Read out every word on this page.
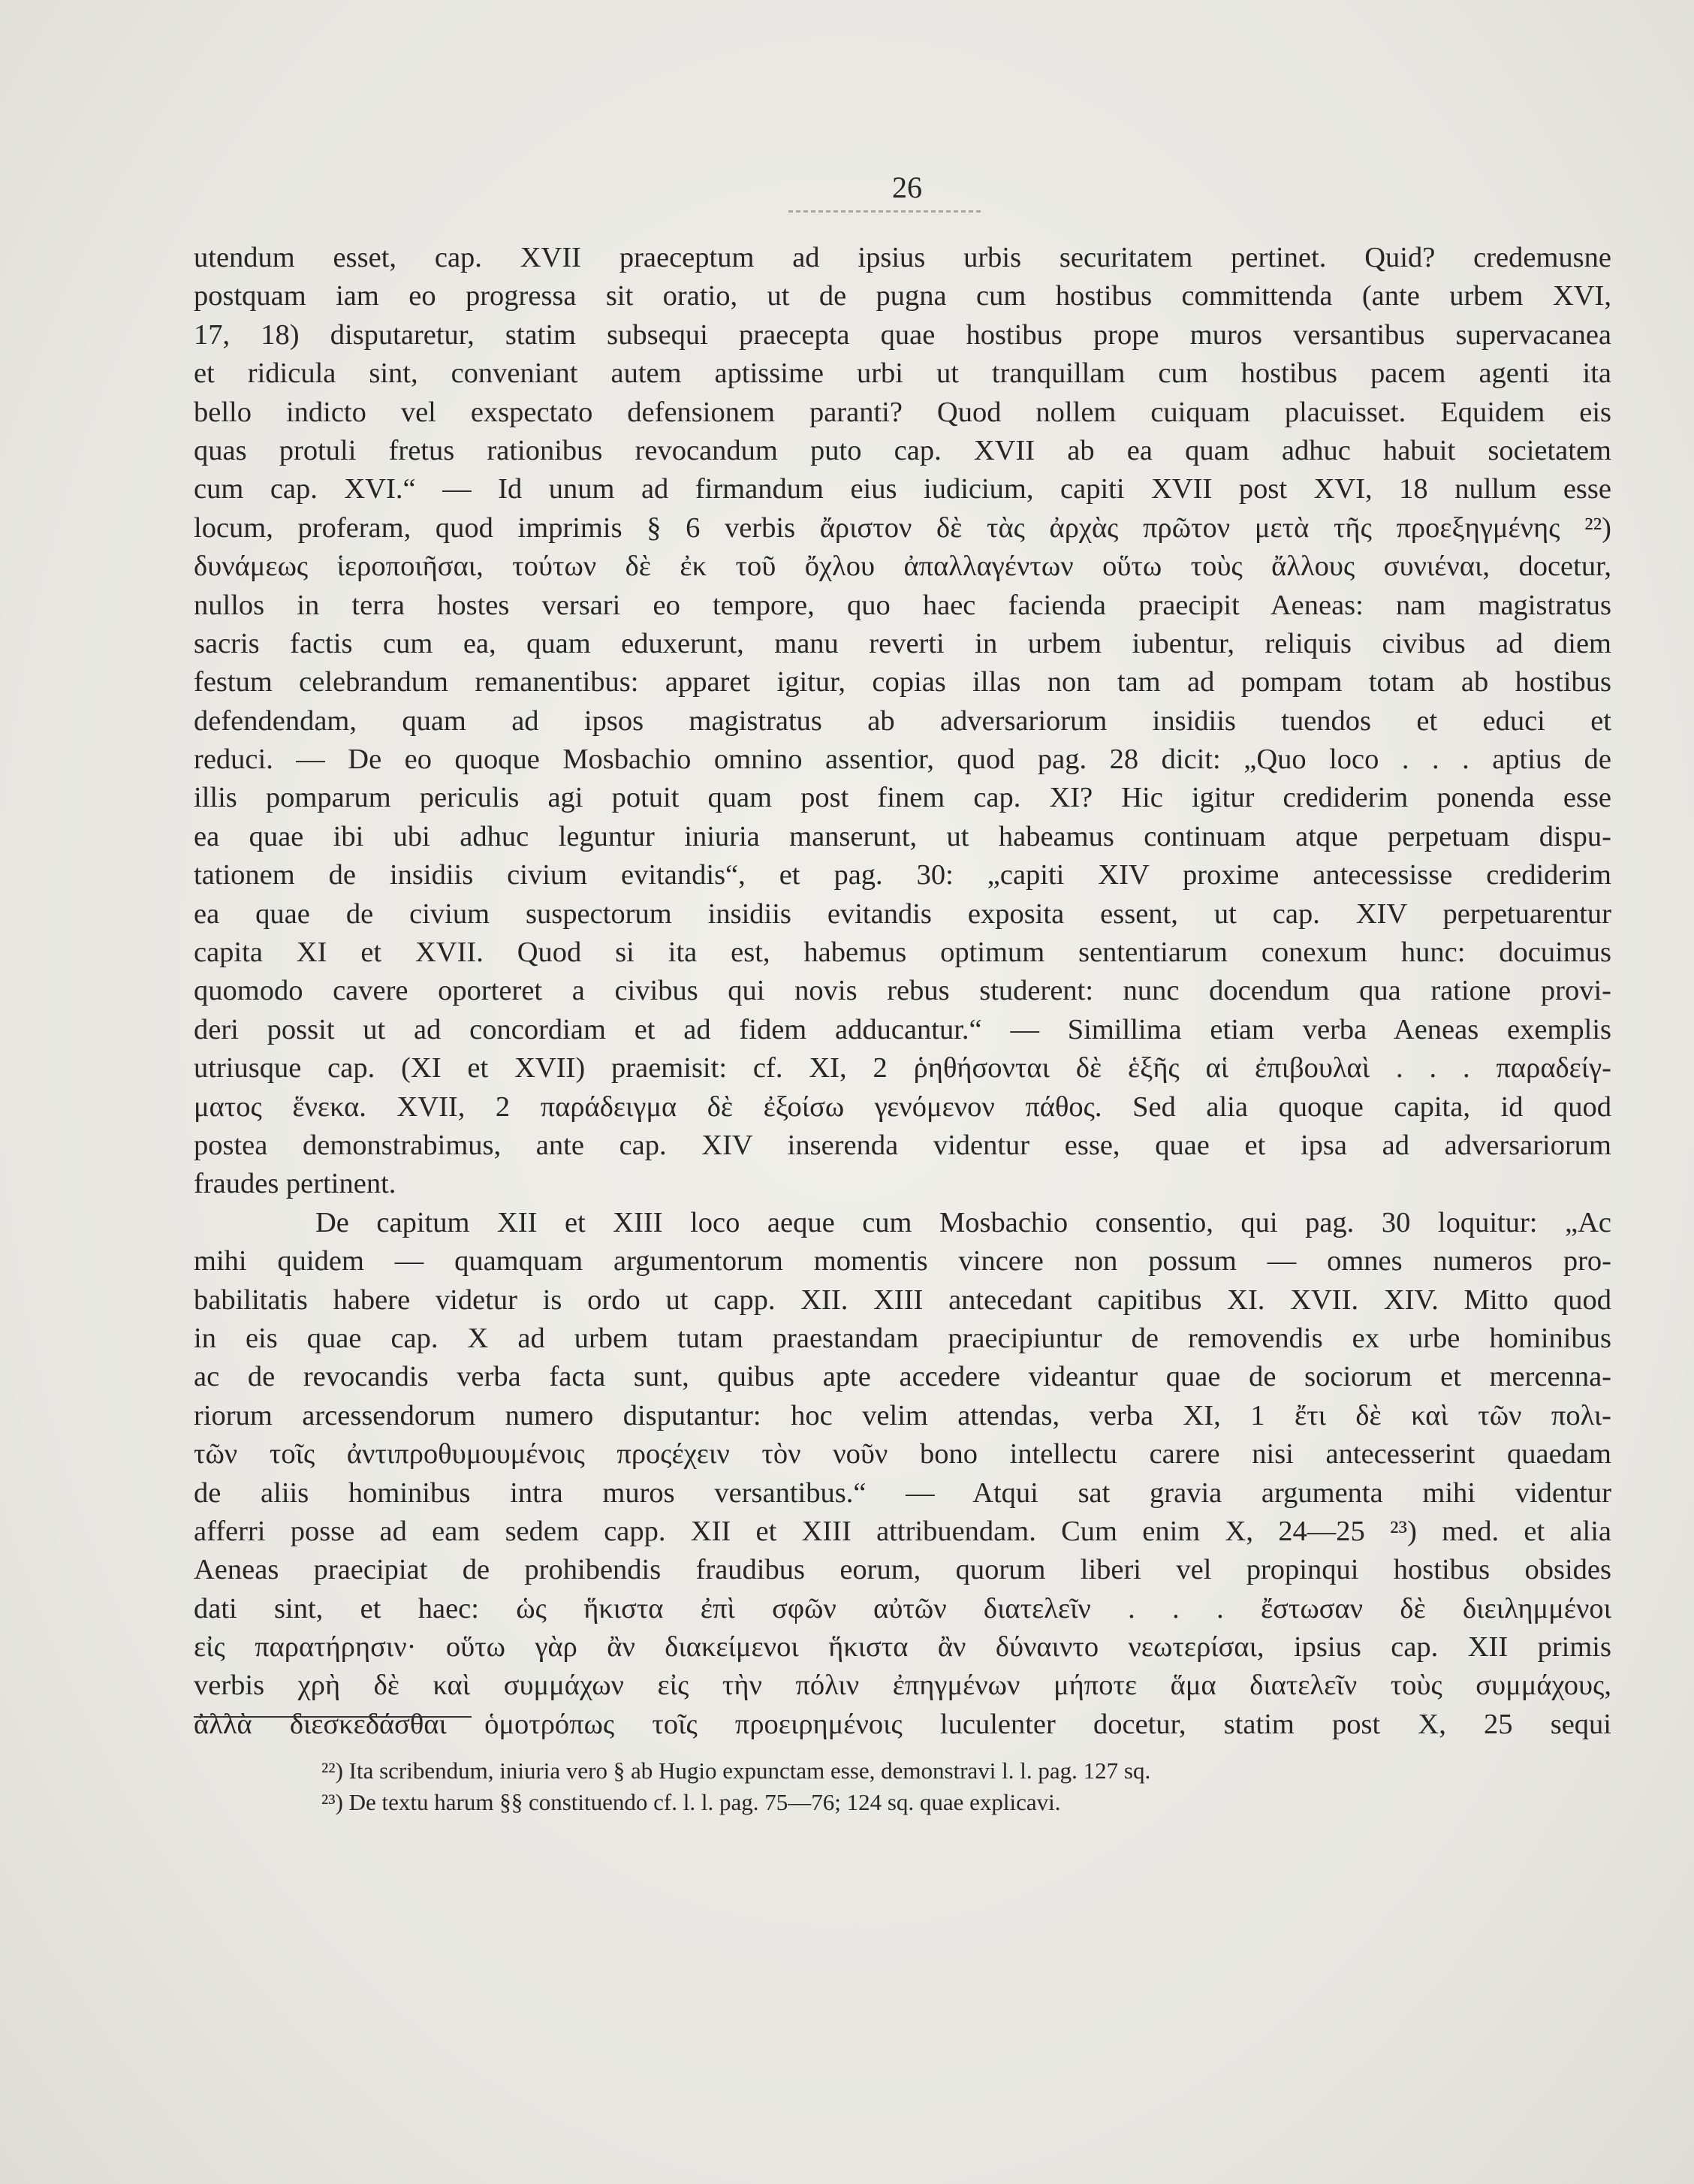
26
utendum esset, cap. XVII praeceptum ad ipsius urbis securitatem pertinet. Quid? credemusne
postquam iam eo progressa sit oratio, ut de pugna cum hostibus committenda (ante urbem XVI,
17, 18) disputaretur, statim subsequi praecepta quae hostibus prope muros versantibus supervacanea
et ridicula sint, conveniant autem aptissime urbi ut tranquillam cum hostibus pacem agenti ita
bello indicto vel exspectato defensionem paranti? Quod nollem cuiquam placuisset. Equidem eis
quas protuli fretus rationibus revocandum puto cap. XVII ab ea quam adhuc habuit societatem
cum cap. XVI.“ — Id unum ad firmandum eius iudicium, capiti XVII post XVI, 18 nullum esse
locum, proferam, quod imprimis § 6 verbis ἄριστον δὲ τὰς ἀρχὰς πρῶτον μετὰ τῆς προεξηγμένης ²²)
δυνάμεως ἱεροποιῆσαι, τούτων δὲ ἐκ τοῦ ὄχλου ἀπαλλαγέντων οὕτω τοὺς ἄλλους συνιέναι, docetur,
nullos in terra hostes versari eo tempore, quo haec facienda praecipit Aeneas: nam magistratus
sacris factis cum ea, quam eduxerunt, manu reverti in urbem iubentur, reliquis civibus ad diem
festum celebrandum remanentibus: apparet igitur, copias illas non tam ad pompam totam ab hostibus
defendendam, quam ad ipsos magistratus ab adversariorum insidiis tuendos et educi et
reduci. — De eo quoque Mosbachio omnino assentior, quod pag. 28 dicit: „Quo loco . . . aptius de
illis pomparum periculis agi potuit quam post finem cap. XI? Hic igitur crediderim ponenda esse
ea quae ibi ubi adhuc leguntur iniuria manserunt, ut habeamus continuam atque perpetuam dispu-
tationem de insidiis civium evitandis“, et pag. 30: „capiti XIV proxime antecessisse crediderim
ea quae de civium suspectorum insidiis evitandis exposita essent, ut cap. XIV perpetuarentur
capita XI et XVII. Quod si ita est, habemus optimum sententiarum conexum hunc: docuimus
quomodo cavere oporteret a civibus qui novis rebus studerent: nunc docendum qua ratione provi-
deri possit ut ad concordiam et ad fidem adducantur.“ — Simillima etiam verba Aeneas exemplis
utriusque cap. (XI et XVII) praemisit: cf. XI, 2 ῥηθήσονται δὲ ἑξῆς αἱ ἐπιβουλαὶ . . . παραδείγ-
ματος ἕνεκα. XVII, 2 παράδειγμα δὲ ἐξοίσω γενόμενον πάθος. Sed alia quoque capita, id quod
postea demonstrabimus, ante cap. XIV inserenda videntur esse, quae et ipsa ad adversariorum
fraudes pertinent.
De capitum XII et XIII loco aeque cum Mosbachio consentio, qui pag. 30 loquitur: „Ac
mihi quidem — quamquam argumentorum momentis vincere non possum — omnes numeros pro-
babilitatis habere videtur is ordo ut capp. XII. XIII antecedant capitibus XI. XVII. XIV. Mitto quod
in eis quae cap. X ad urbem tutam praestandam praecipiuntur de removendis ex urbe hominibus
ac de revocandis verba facta sunt, quibus apte accedere videantur quae de sociorum et mercenna-
riorum arcessendorum numero disputantur: hoc velim attendas, verba XI, 1 ἔτι δὲ καὶ τῶν πολι-
τῶν τοῖς ἀντιπροθυμουμένοις προςέχειν τὸν νοῦν bono intellectu carere nisi antecesserint quaedam
de aliis hominibus intra muros versantibus.“ — Atqui sat gravia argumenta mihi videntur
afferri posse ad eam sedem capp. XII et XIII attribuendam. Cum enim X, 24—25 ²³) med. et alia
Aeneas praecipiat de prohibendis fraudibus eorum, quorum liberi vel propinqui hostibus obsides
dati sint, et haec: ὡς ἥκιστα ἐπὶ σφῶν αὐτῶν διατελεῖν . . . ἔστωσαν δὲ διειλημμένοι
εἰς παρατήρησιν· οὕτω γὰρ ἂν διακείμενοι ἥκιστα ἂν δύναιντο νεωτερίσαι, ipsius cap. XII primis
verbis χρὴ δὲ καὶ συμμάχων εἰς τὴν πόλιν ἐπηγμένων μήποτε ἅμα διατελεῖν τοὺς συμμάχους,
ἀλλὰ διεσκεδάσθαι ὁμοτρόπως τοῖς προειρημένοις luculenter docetur, statim post X, 25 sequi
²²) Ita scribendum, iniuria vero § ab Hugio expunctam esse, demonstravi l. l. pag. 127 sq.
²³) De textu harum §§ constituendo cf. l. l. pag. 75—76; 124 sq. quae explicavi.
